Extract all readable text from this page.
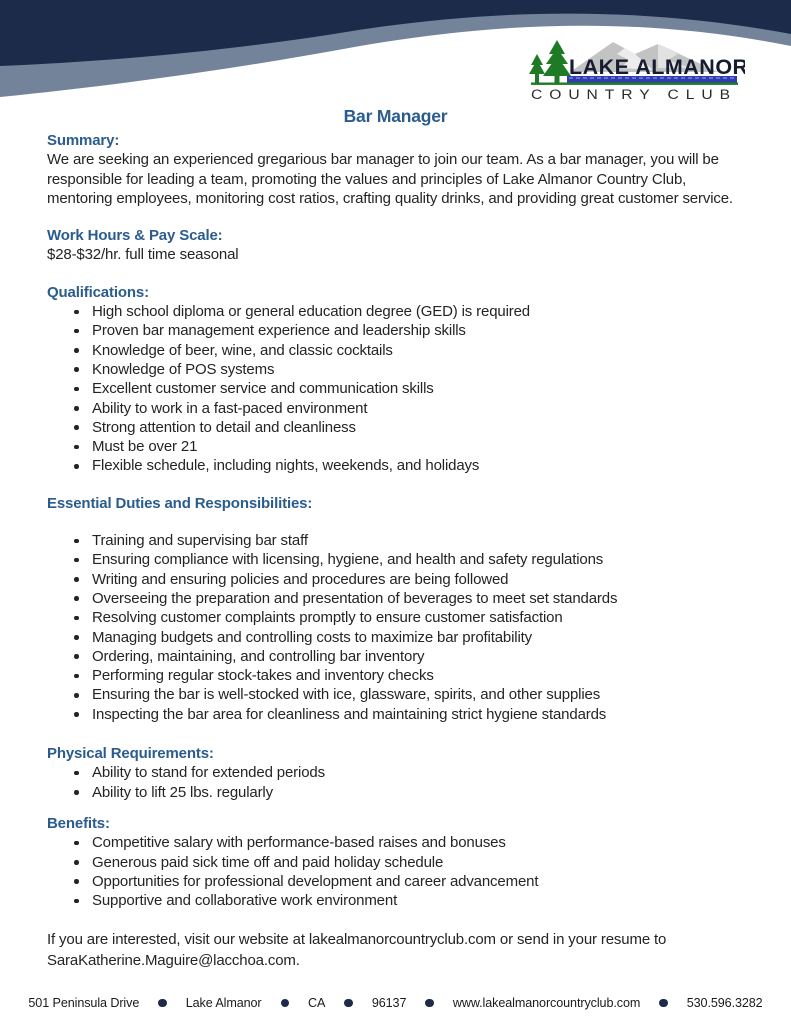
LAKE ALMANOR
COUNTRY CLUB
Bar Manager

Summary:

We are seeking an experienced gregarious bar manager to join our team. As a bar manager, you will be responsible for leading a team, promoting the values and principles of Lake Almanor Country Club, mentoring employees, monitoring cost ratios, crafting quality drinks, and providing great customer service.

Work Hours & Pay Scale:

$28-$32/hr. full time seasonal

Qualifications:

High school diploma or general education degree (GED) is required
Proven bar management experience and leadership skills
Knowledge of beer, wine, and classic cocktails
Knowledge of POS systems
Excellent customer service and communication skills
Ability to work in a fast-paced environment
Strong attention to detail and cleanliness
Must be over 21
Flexible schedule, including nights, weekends, and holidays

Essential Duties and Responsibilities:

Training and supervising bar staff
Ensuring compliance with licensing, hygiene, and health and safety regulations
Writing and ensuring policies and procedures are being followed
Overseeing the preparation and presentation of beverages to meet set standards
Resolving customer complaints promptly to ensure customer satisfaction
Managing budgets and controlling costs to maximize bar profitability
Ordering, maintaining, and controlling bar inventory
Performing regular stock-takes and inventory checks
Ensuring the bar is well-stocked with ice, glassware, spirits, and other supplies
Inspecting the bar area for cleanliness and maintaining strict hygiene standards

Physical Requirements:

Ability to stand for extended periods
Ability to lift 25 lbs. regularly

Benefits:

Competitive salary with performance-based raises and bonuses
Generous paid sick time off and paid holiday schedule
Opportunities for professional development and career advancement
Supportive and collaborative work environment

If you are interested, visit our website at lakealmanorcountryclub.com or send in your resume to SaraKatherine.Maguire@lacchoa.com.

501 Peninsula Drive	Lake Almanor	CA	96137	www.lakealmanorcountryclub.com	530.596.3282
